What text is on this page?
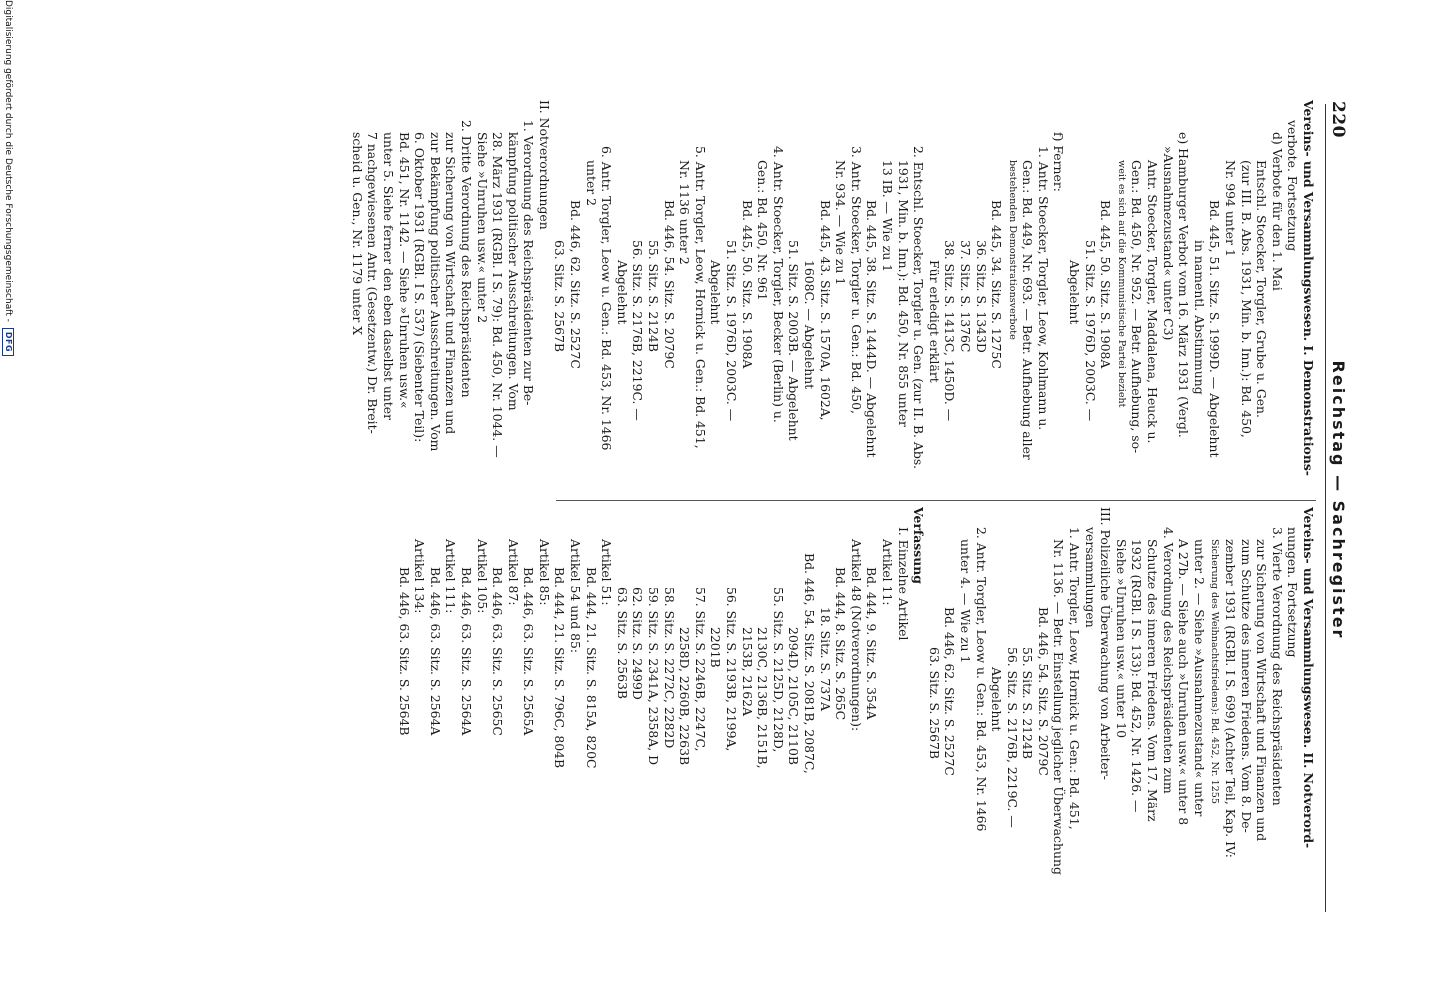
220
Reichstag — Sachregister
Vereins- und Versammlungswesen. I. Demonstrations-
verbote. Fortsetzung
d) Verbote für den 1. Mai
Entschl. Stoecker, Torgler, Grube u. Gen.
(zur III. B. Abs. 1931, Min. b. Inn.): Bd. 450,
Nr. 994 unter 1
Bd. 445, 51. Sitz. S. 1999D. — Abgelehnt
in namentl. Abstimmung
e) Hamburger Verbot vom 16. März 1931 (Vergl.
»Ausnahmezustand« unter C3)
Antr. Stoecker, Torgler, Maddalena, Heuck u.
Gen.: Bd. 450, Nr. 952. — Betr. Aufhebung, so-
weit es sich auf die Kommunistische Partei bezieht
Bd. 445, 50. Sitz. S. 1908A
51. Sitz. S. 1976D, 2003C. —
Abgelehnt
f) Ferner:
1. Antr. Stoecker, Torgler, Leow, Kohlmann u.
Gen.: Bd. 449, Nr. 693. — Betr. Aufhebung aller
bestehenden Demonstrationsverbote
Bd. 445, 34. Sitz. S. 1275C
36. Sitz. S. 1343D
37. Sitz. S. 1376C
38. Sitz. S. 1413C, 1450D. —
Für erledigt erklärt
2. Entschl. Stoecker, Torgler u. Gen. (zur II. B. Abs.
1931, Min. b. Inn.): Bd. 450, Nr. 855 unter
13 IB. — Wie zu 1
Bd. 445, 38. Sitz. S. 1444D. — Abgelehnt
3. Antr. Stoecker, Torgler u. Gen.: Bd. 450,
Nr. 934. — Wie zu 1
Bd. 445, 43. Sitz. S. 1570A, 1602A,
1608C. — Abgelehnt
51. Sitz. S. 2003B. — Abgelehnt
4. Antr. Stoecker, Torgler, Becker (Berlin) u.
Gen.: Bd. 450, Nr. 961
Bd. 445, 50. Sitz. S. 1908A
51. Sitz. S. 1976D, 2003C. —
Abgelehnt
5. Antr. Torgler, Leow, Hornick u. Gen.: Bd. 451,
Nr. 1136 unter 2
Bd. 446, 54. Sitz. S. 2079C
55. Sitz. S. 2124B
56. Sitz. S. 2176B, 2219C. —
Abgelehnt
6. Antr. Torgler, Leow u. Gen.: Bd. 453, Nr. 1466
unter 2
Bd. 446, 62. Sitz. S. 2527C
63. Sitz. S. 2567B
II. Notverordnungen
1. Verordnung des Reichspräsidenten zur Be-
kämpfung politischer Ausschreitungen. Vom
28. März 1931 (RGBl. I S. 79): Bd. 450, Nr. 1044. —
Siehe »Unruhen usw.« unter 2
2. Dritte Verordnung des Reichspräsidenten
zur Sicherung von Wirtschaft und Finanzen und
zur Bekämpfung politischer Ausschreitungen. Vom
6. Oktober 1931 (RGBl. I S. 537) (Siebenter Teil):
Bd. 451, Nr. 1142. — Siehe »Unruhen usw.«
unter 5. Siehe ferner den eben daselbst unter
7 nachgewiesenen Antr. (Gesetzentw.) Dr. Breit-
scheid u. Gen., Nr. 1179 unter X
Vereins- und Versammlungswesen. II. Notverord-
nungen. Fortsetzung
3. Vierte Verordnung des Reichspräsidenten
zur Sicherung von Wirtschaft und Finanzen und
zum Schutze des inneren Friedens. Vom 8. De-
zember 1931 (RGBl. I S. 699) (Achter Teil, Kap. IV:
Sicherung des Weihnachtsfriedens): Bd. 452, Nr. 1255
unter 2. — Siehe »Ausnahmezustand« unter
A 27b. — Siehe auch »Unruhen usw.« unter 8
4. Verordnung des Reichspräsidenten zum
Schutze des inneren Friedens. Vom 17. März
1932 (RGBl. I S. 133): Bd. 452, Nr. 1426. —
Siehe »Unruhen usw.« unter 10
III. Polizeiliche Überwachung von Arbeiter-
versammlungen
1. Antr. Torgler, Leow, Hornick u. Gen.: Bd. 451,
Nr. 1136. — Betr. Einstellung jeglicher Überwachung
Bd. 446, 54. Sitz. S. 2079C
55. Sitz. S. 2124B
56. Sitz. S. 2176B, 2219C. —
Abgelehnt
2. Antr. Torgler, Leow u. Gen.: Bd. 453, Nr. 1466
unter 4. — Wie zu 1
Bd. 446, 62. Sitz. S. 2527C
63. Sitz. S. 2567B
Verfassung
I. Einzelne Artikel
Artikel 11:
Bd. 444, 9. Sitz. S. 354A
Artikel 48 (Notverordnungen):
Bd. 444, 8. Sitz. S. 265C
18. Sitz. S. 737A
Bd. 446, 54. Sitz. S. 2081B, 2087C,
2094D, 2105C, 2110B
55. Sitz. S. 2125D, 2128D,
2130C, 2136B, 2151B,
2153B, 2162A
56. Sitz. S. 2193B, 2199A,
2201B
57. Sitz. S. 2246B, 2247C,
2258D, 2260B, 2263B
58. Sitz. S. 2272C, 2282D
59. Sitz. S. 2341A, 2358A, D
62. Sitz. S. 2499D
63. Sitz. S. 2563B
Artikel 51:
Bd. 444, 21. Sitz. S. 815A, 820C
Artikel 54 und 85:
Bd. 444, 21. Sitz. S. 796C, 804B
Artikel 85:
Bd. 446, 63. Sitz. S. 2565A
Artikel 87:
Bd. 446, 63. Sitz. S. 2565C
Artikel 105:
Bd. 446, 63. Sitz. S. 2564A
Artikel 111:
Bd. 446, 63. Sitz. S. 2564A
Artikel 134:
Bd. 446, 63. Sitz. S. 2564B
Digitalisierung gefördert durch die Deutsche Forschungsgemeinschaft -
DFG
